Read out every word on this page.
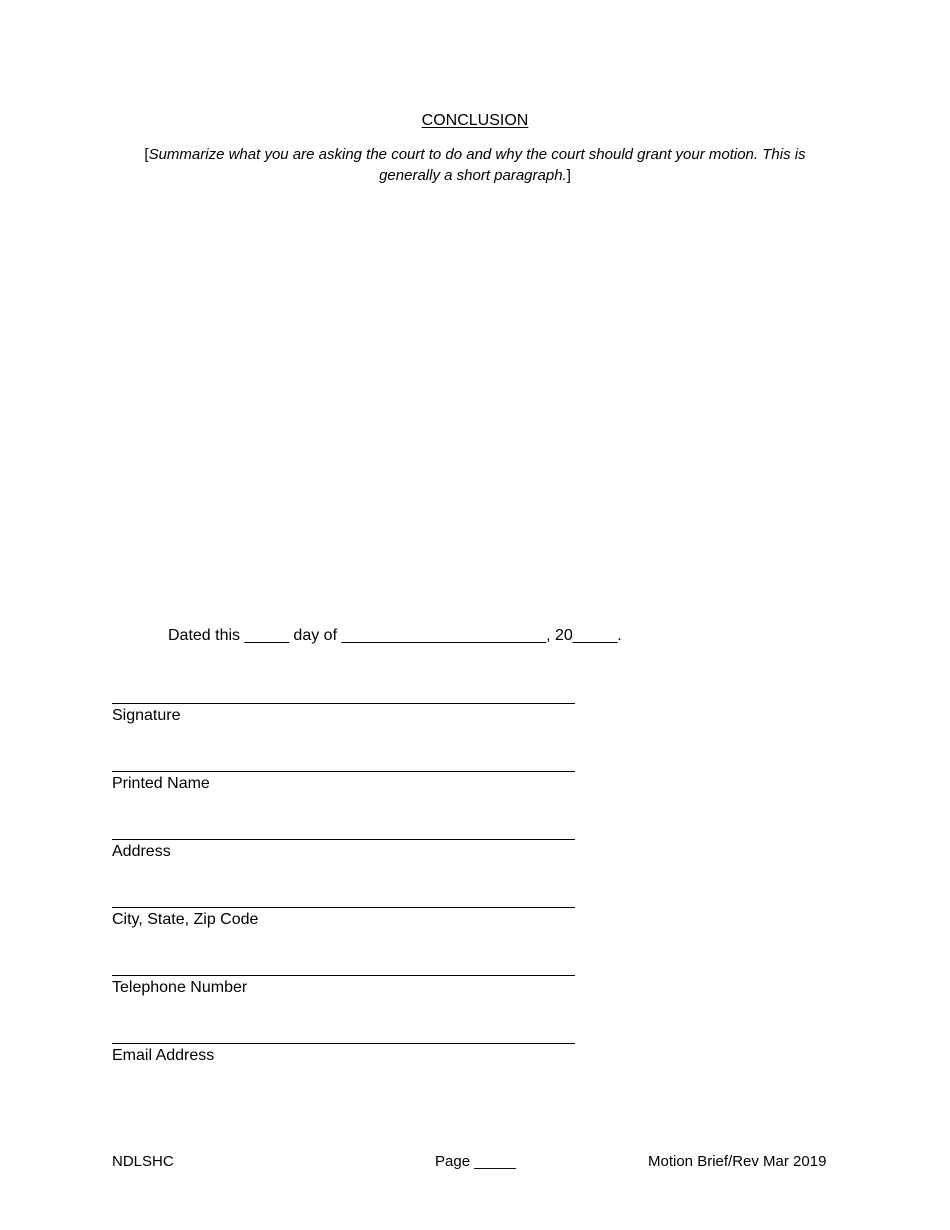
CONCLUSION
[Summarize what you are asking the court to do and why the court should grant your motion. This is generally a short paragraph.]
Dated this _____ day of _______________________, 20_____.
____________________________________________________
Signature
____________________________________________________
Printed Name
____________________________________________________
Address
____________________________________________________
City, State, Zip Code
____________________________________________________
Telephone Number
____________________________________________________
Email Address
NDLSHC	Page _____	Motion Brief/Rev Mar 2019
